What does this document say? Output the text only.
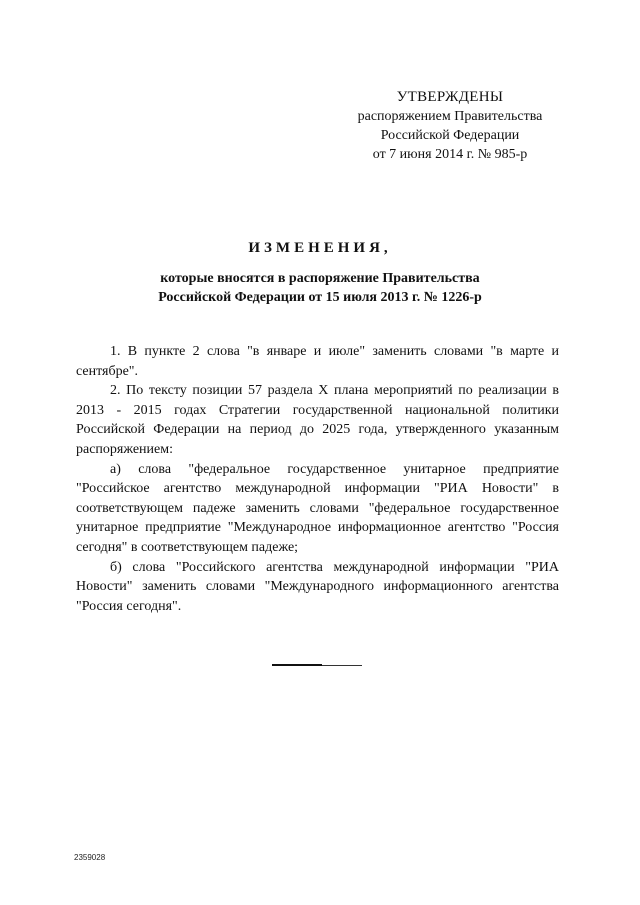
УТВЕРЖДЕНЫ
распоряжением Правительства
Российской Федерации
от 7 июня 2014 г. № 985-р
ИЗМЕНЕНИЯ,
которые вносятся в распоряжение Правительства
Российской Федерации от 15 июля 2013 г. № 1226-р

1. В пункте 2 слова "в январе и июле" заменить словами "в марте и сентябре".

2. По тексту позиции 57 раздела X плана мероприятий по реализации в 2013 - 2015 годах Стратегии государственной национальной политики Российской Федерации на период до 2025 года, утвержденного указанным распоряжением:

а) слова "федеральное государственное унитарное предприятие "Российское агентство международной информации "РИА Новости" в соответствующем падеже заменить словами "федеральное государственное унитарное предприятие "Международное информационное агентство "Россия сегодня" в соответствующем падеже;

б) слова "Российского агентства международной информации "РИА Новости" заменить словами "Международного информационного агентства "Россия сегодня".

2359028
